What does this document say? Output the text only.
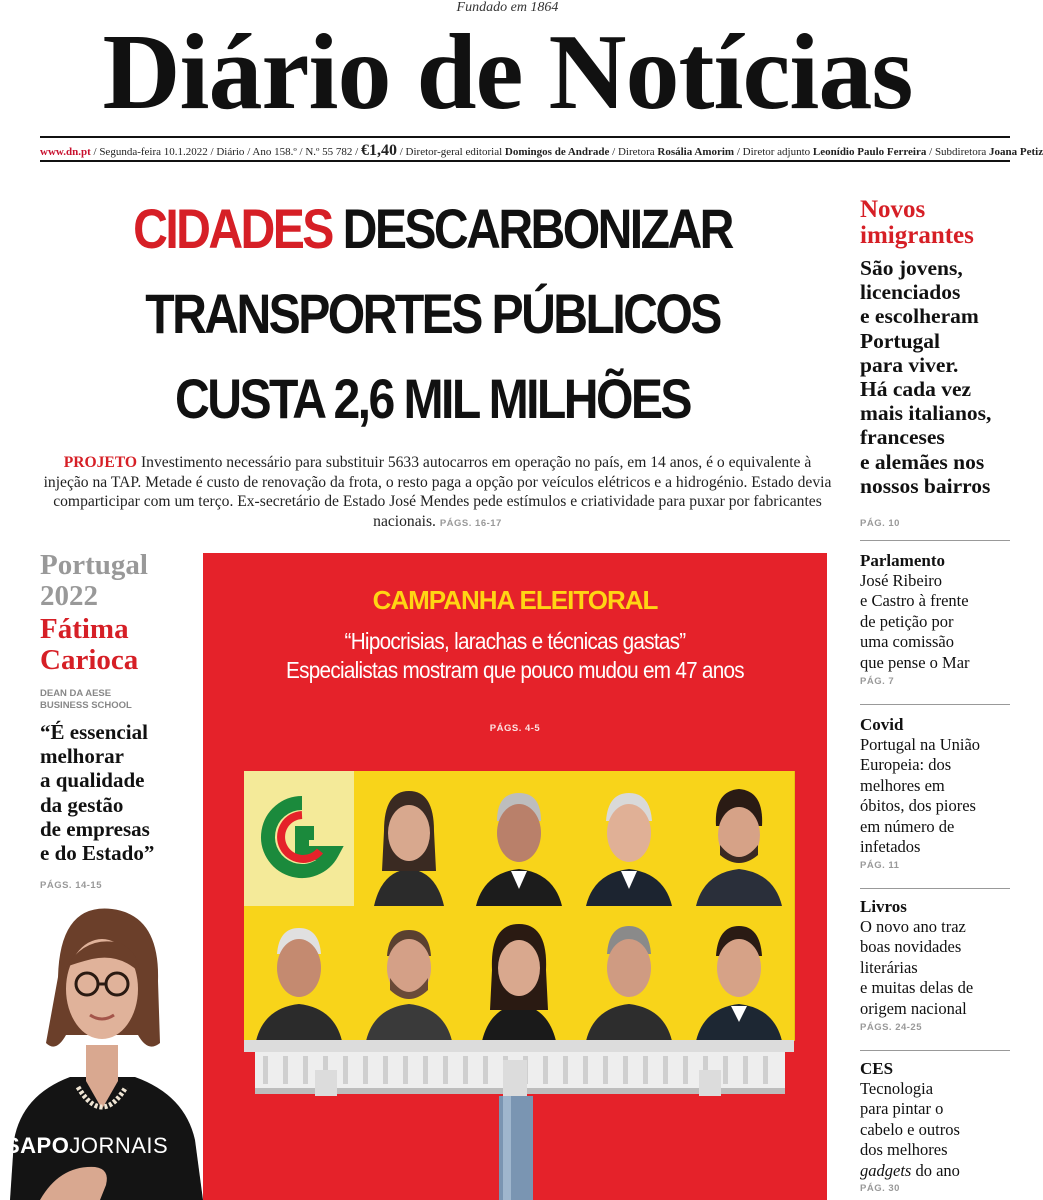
Fundado em 1864
Diário de Notícias
www.dn.pt / Segunda-feira 10.1.2022 / Diário / Ano 158.º / N.º 55 782 / €1,40 / Diretor-geral editorial Domingos de Andrade / Diretora Rosália Amorim / Diretor adjunto Leonídio Paulo Ferreira / Subdiretora Joana Petiz
CIDADES DESCARBONIZAR
TRANSPORTES PÚBLICOS
CUSTA 2,6 MIL MILHÕES
PROJETO Investimento necessário para substituir 5633 autocarros em operação no país, em 14 anos, é o equivalente à injeção na TAP. Metade é custo de renovação da frota, o resto paga a opção por veículos elétricos e a hidrogénio. Estado devia comparticipar com um terço. Ex-secretário de Estado José Mendes pede estímulos e criatividade para puxar por fabricantes nacionais. PÁGS. 16-17
Novos
imigrantes
São jovens,
licenciados
e escolheram
Portugal
para viver.
Há cada vez
mais italianos,
franceses
e alemães nos
nossos bairros
PÁG. 10
Parlamento
José Ribeiro
e Castro à frente
de petição por
uma comissão
que pense o Mar
PÁG. 7
Covid
Portugal na União
Europeia: dos
melhores em
óbitos, dos piores
em número de
infetados
PÁG. 11
Livros
O novo ano traz
boas novidades
literárias
e muitas delas de
origem nacional
PÁGS. 24-25
CES
Tecnologia
para pintar o
cabelo e outros
dos melhores
gadgets do ano
PÁG. 30
Portugal
2022
Fátima
Carioca
DEAN DA AESE
BUSINESS SCHOOL
“É essencial
melhorar
a qualidade
da gestão
de empresas
e do Estado”
PÁGS. 14-15
SAPOJORNAIS
CAMPANHA ELEITORAL
“Hipocrisias, larachas e técnicas gastas”
Especialistas mostram que pouco mudou em 47 anos
PÁGS. 4-5
